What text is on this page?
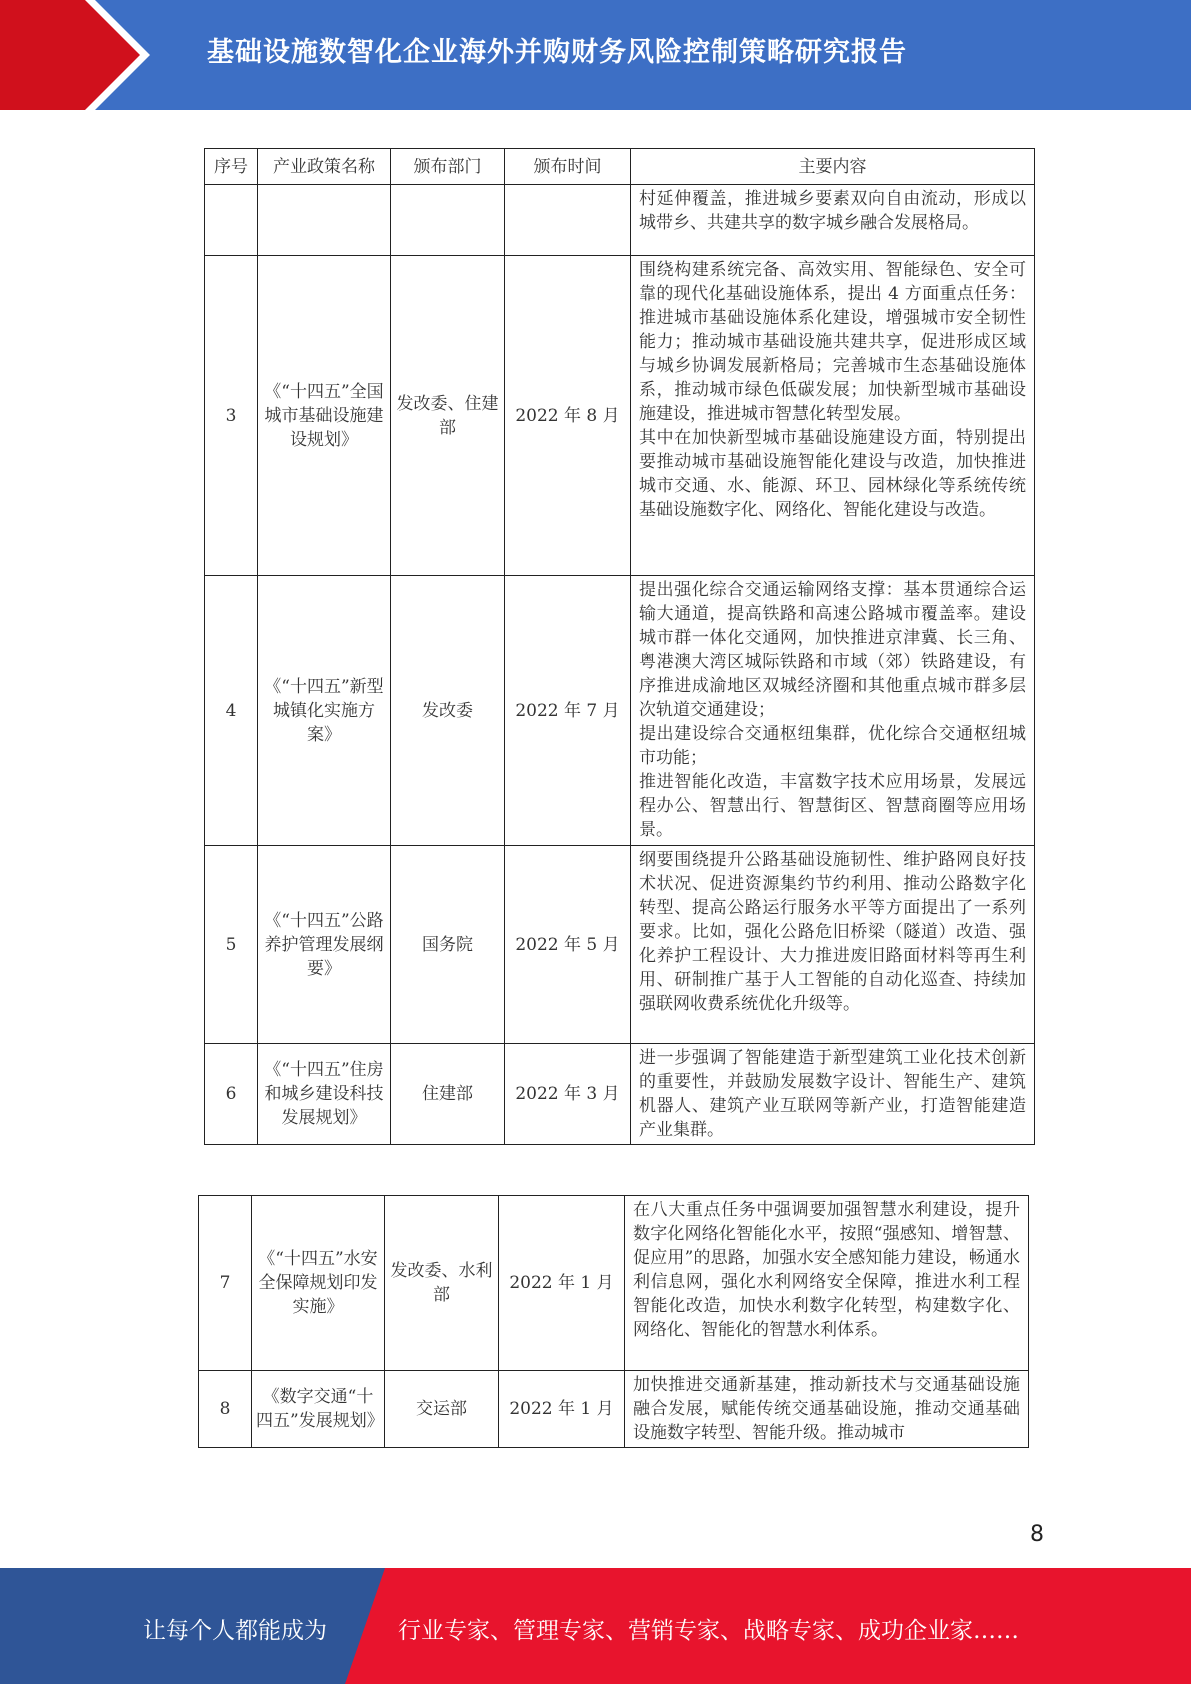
基础设施数智化企业海外并购财务风险控制策略研究报告
序号	产业政策名称	颁布部门	颁布时间	主要内容

				村延伸覆盖，推进城乡要素双向自由流动，形成以城带乡、共建共享的数字城乡融合发展格局。

3	《“十四五”全国城市基础设施建设规划》	发改委、住建部	2022 年 8 月	围绕构建系统完备、高效实用、智能绿色、安全可靠的现代化基础设施体系，提出 4 方面重点任务：推进城市基础设施体系化建设，增强城市安全韧性能力；推动城市基础设施共建共享，促进形成区域与城乡协调发展新格局；完善城市生态基础设施体系，推动城市绿色低碳发展；加快新型城市基础设施建设，推进城市智慧化转型发展。

其中在加快新型城市基础设施建设方面，特别提出要推动城市基础设施智能化建设与改造，加快推进城市交通、水、能源、环卫、园林绿化等系统传统基础设施数字化、网络化、智能化建设与改造。

4	《“十四五”新型城镇化实施方案》	发改委	2022 年 7 月	提出强化综合交通运输网络支撑：基本贯通综合运输大通道，提高铁路和高速公路城市覆盖率。建设城市群一体化交通网，加快推进京津冀、长三角、粤港澳大湾区城际铁路和市域（郊）铁路建设，有序推进成渝地区双城经济圈和其他重点城市群多层次轨道交通建设；

提出建设综合交通枢纽集群，优化综合交通枢纽城市功能；

推进智能化改造，丰富数字技术应用场景，发展远程办公、智慧出行、智慧街区、智慧商圈等应用场景。

5	《“十四五”公路养护管理发展纲要》	国务院	2022 年 5 月	纲要围绕提升公路基础设施韧性、维护路网良好技术状况、促进资源集约节约利用、推动公路数字化转型、提高公路运行服务水平等方面提出了一系列要求。比如，强化公路危旧桥梁（隧道）改造、强化养护工程设计、大力推进废旧路面材料等再生利用、研制推广基于人工智能的自动化巡查、持续加强联网收费系统优化升级等。

6	《“十四五”住房和城乡建设科技发展规划》	住建部	2022 年 3 月	进一步强调了智能建造于新型建筑工业化技术创新的重要性，并鼓励发展数字设计、智能生产、建筑机器人、建筑产业互联网等新产业，打造智能建造产业集群。

7	《“十四五”水安全保障规划印发实施》	发改委、水利部	2022 年 1 月	在八大重点任务中强调要加强智慧水利建设，提升数字化网络化智能化水平，按照“强感知、增智慧、促应用”的思路，加强水安全感知能力建设，畅通水利信息网，强化水利网络安全保障，推进水利工程智能化改造，加快水利数字化转型，构建数字化、网络化、智能化的智慧水利体系。

8	《数字交通“十四五”发展规划》	交运部	2022 年 1 月	加快推进交通新基建，推动新技术与交通基础设施融合发展，赋能传统交通基础设施，推动交通基础设施数字转型、智能升级。推动城市

8
让每个人都能成为	行业专家、管理专家、营销专家、战略专家、成功企业家……
